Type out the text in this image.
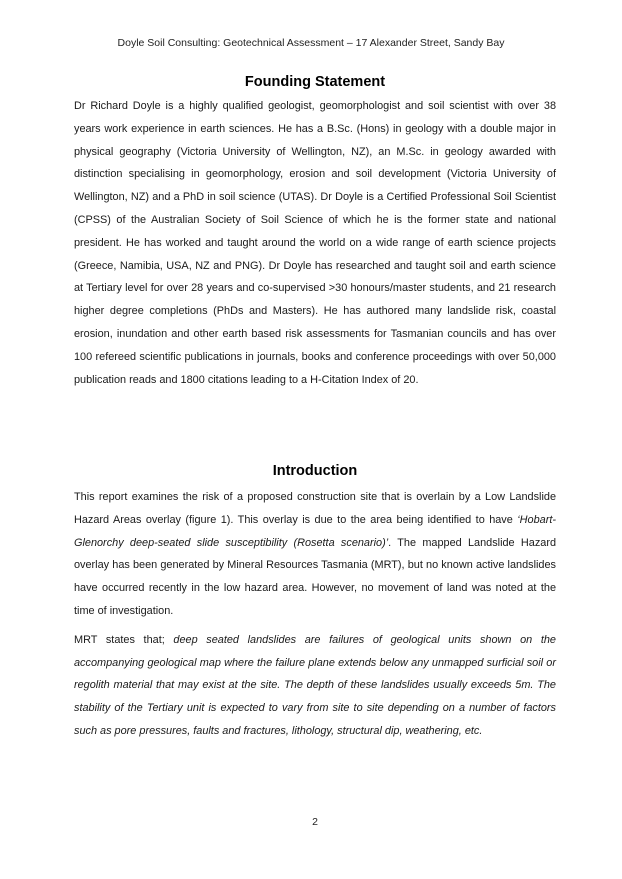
Doyle Soil Consulting: Geotechnical Assessment – 17 Alexander Street, Sandy Bay
Founding Statement

Dr Richard Doyle is a highly qualified geologist, geomorphologist and soil scientist with over 38 years work experience in earth sciences. He has a B.Sc. (Hons) in geology with a double major in physical geography (Victoria University of Wellington, NZ), an M.Sc. in geology awarded with distinction specialising in geomorphology, erosion and soil development (Victoria University of Wellington, NZ) and a PhD in soil science (UTAS). Dr Doyle is a Certified Professional Soil Scientist (CPSS) of the Australian Society of Soil Science of which he is the former state and national president. He has worked and taught around the world on a wide range of earth science projects (Greece, Namibia, USA, NZ and PNG). Dr Doyle has researched and taught soil and earth science at Tertiary level for over 28 years and co-supervised >30 honours/master students, and 21 research higher degree completions (PhDs and Masters). He has authored many landslide risk, coastal erosion, inundation and other earth based risk assessments for Tasmanian councils and has over 100 refereed scientific publications in journals, books and conference proceedings with over 50,000 publication reads and 1800 citations leading to a H-Citation Index of 20.

Introduction

This report examines the risk of a proposed construction site that is overlain by a Low Landslide Hazard Areas overlay (figure 1). This overlay is due to the area being identified to have ‘Hobart-Glenorchy deep-seated slide susceptibility (Rosetta scenario)’. The mapped Landslide Hazard overlay has been generated by Mineral Resources Tasmania (MRT), but no known active landslides have occurred recently in the low hazard area. However, no movement of land was noted at the time of investigation.

MRT states that; deep seated landslides are failures of geological units shown on the accompanying geological map where the failure plane extends below any unmapped surficial soil or regolith material that may exist at the site. The depth of these landslides usually exceeds 5m. The stability of the Tertiary unit is expected to vary from site to site depending on a number of factors such as pore pressures, faults and fractures, lithology, structural dip, weathering, etc.

2
